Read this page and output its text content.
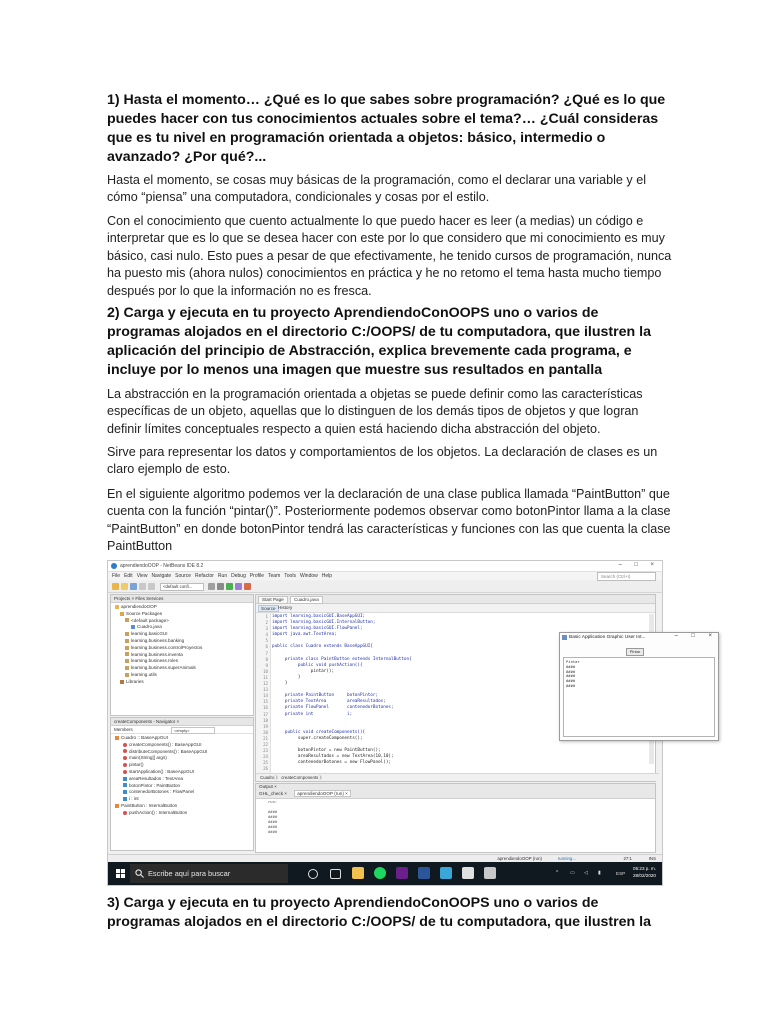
1) Hasta el momento… ¿Qué es lo que sabes sobre programación? ¿Qué es lo que puedes hacer con tus conocimientos actuales sobre el tema?… ¿Cuál consideras que es tu nivel en programación orientada a objetos: básico, intermedio o avanzado? ¿Por qué?...
Hasta el momento, se cosas muy básicas de la programación, como el declarar una variable y el cómo “piensa” una computadora, condicionales y cosas por el estilo.
Con el conocimiento que cuento actualmente lo que puedo hacer es leer (a medias) un código e interpretar que es lo que se desea hacer con este por lo que considero que mi conocimiento es muy básico, casi nulo. Esto pues a pesar de que efectivamente, he tenido cursos de programación, nunca ha puesto mis (ahora nulos) conocimientos en práctica y he no retomo el tema hasta mucho tiempo después por lo que la información no es fresca.
2) Carga y ejecuta en tu proyecto AprendiendoConOOPS uno o varios de programas alojados en el directorio C:/OOPS/ de tu computadora, que ilustren la aplicación del principio de Abstracción, explica brevemente cada programa, e incluye por lo menos una imagen que muestre sus resultados en pantalla
La abstracción en la programación orientada a objetas se puede definir como las características específicas de un objeto, aquellas que lo distinguen de los demás tipos de objetos y que logran definir límites conceptuales respecto a quien está haciendo dicha abstracción del objeto.
Sirve para representar los datos y comportamientos de los objetos. La declaración de clases es un claro ejemplo de esto.
En el siguiente algoritmo podemos ver la declaración de una clase publica llamada “PaintButton” que cuenta con la función “pintar()”. Posteriormente podemos observar como botonPintor llama a la clase “PaintButton” en donde botonPintor tendrá las características y funciones con las que cuenta la clase PaintButton
aprendiendoOOP - NetBeans IDE 8.2	– □ ×
File Edit View Navigate Source Refactor Run Debug Profile Team Tools Window Help	Search (Ctrl+I)
<default confi...
Projects × Files Services
aprendiendoOOP
Source Packages
<default package>
Cuadro.java
learning.basicGUI
learning.business.banking
learning.business.controlProyectos
learning.business.inventa
learning.business.roles
learning.business.superAnimals
learning.utils
Libraries
createComponents - Navigator ×
Members	<empty>
Cuadro :: BaseAppGUI
createComponents() : BaseAppGUI
distributeComponents() : BaseAppGUI
main(String[] args)
pintar()
startApplication() : BaseAppGUI
areaResultados : TextArea
botonPintor : PaintButton
contenedorBotones : FlowPanel
i : int
PaintButton : InternalButton
pushAction() : InternalButton
Start Page	Cuadro.java
Source History
1
2
3
4
5
6
7
8
9
10
11
12
13
14
15
16
17
18
19
20
21
22
23
24
25
26
import learning.basicGUI.BaseAppGUI;
import learning.basicGUI.InternalButton;
import learning.basicGUI.FlowPanel;
import java.awt.TextArea;

public class Cuadro extends BaseAppGUI{

private class PaintButton extends InternalButton{
public void pushAction(){
pintar();
}
}

private PaintButton     botonPintor;
private TextArea        areaResultados;
private FlowPanel       contenedorBotones;
private int             i;

public void createComponents(){
super.createComponents();

botonPintor = new PaintButton();
areaResultados = new TextArea(10,10);
contenedorBotones = new FlowPanel();

Cuadro 》 createComponents 》
Basic Application Graphic User Int...	– □ ×
Pintar
Pintar
####
####
####
####
####
Output ×
GHL_check × aprendiendoOOP (run) ×
run:

####
####
####
####
####
aprendiendoOOP (run)	running...	27:1	INS
Escribe aquí para buscar	^ ▭ ◁ ▮	ESP
05:23 p. m.
28/02/2020
3) Carga y ejecuta en tu proyecto AprendiendoConOOPS uno o varios de programas alojados en el directorio C:/OOPS/ de tu computadora, que ilustren la
